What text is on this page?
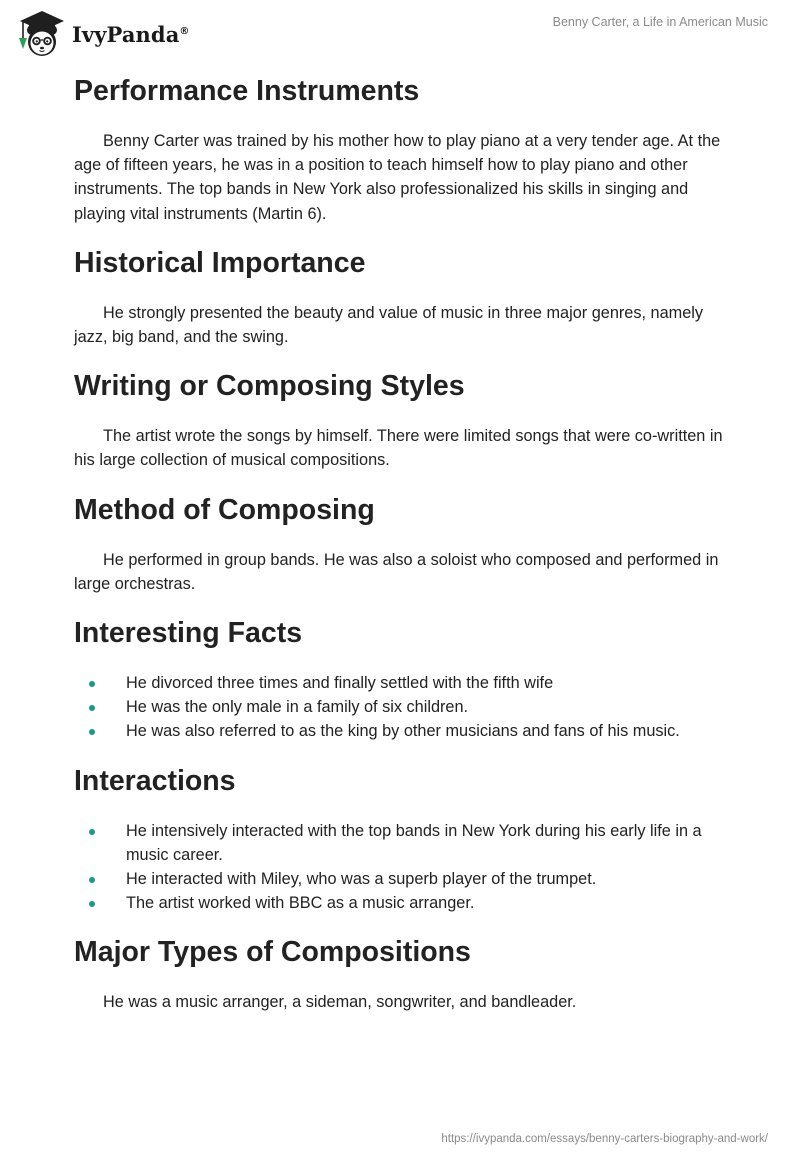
IvyPanda®
Benny Carter, a Life in American Music
Performance Instruments

Benny Carter was trained by his mother how to play piano at a very tender age. At the age of fifteen years, he was in a position to teach himself how to play piano and other instruments. The top bands in New York also professionalized his skills in singing and playing vital instruments (Martin 6).

Historical Importance

He strongly presented the beauty and value of music in three major genres, namely jazz, big band, and the swing.

Writing or Composing Styles

The artist wrote the songs by himself. There were limited songs that were co-written in his large collection of musical compositions.

Method of Composing

He performed in group bands. He was also a soloist who composed and performed in large orchestras.

Interesting Facts
He divorced three times and finally settled with the fifth wife
He was the only male in a family of six children.
He was also referred to as the king by other musicians and fans of his music.
Interactions
He intensively interacted with the top bands in New York during his early life in a music career.
He interacted with Miley, who was a superb player of the trumpet.
The artist worked with BBC as a music arranger.
Major Types of Compositions

He was a music arranger, a sideman, songwriter, and bandleader.

https://ivypanda.com/essays/benny-carters-biography-and-work/
